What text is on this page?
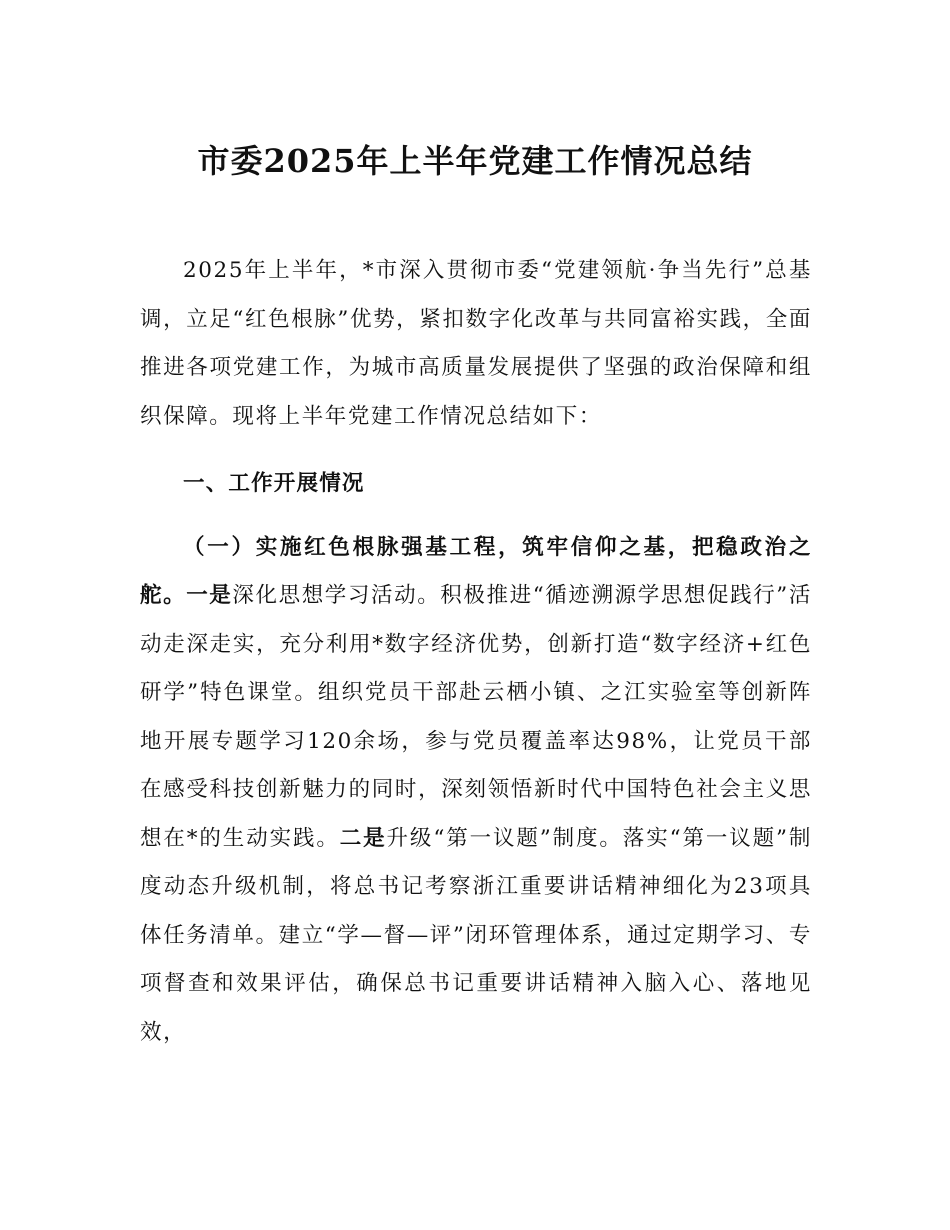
市委2025年上半年党建工作情况总结

2025年上半年，*市深入贯彻市委“党建领航·争当先行”总基调，立足“红色根脉”优势，紧扣数字化改革与共同富裕实践，全面推进各项党建工作，为城市高质量发展提供了坚强的政治保障和组织保障。现将上半年党建工作情况总结如下：

一、工作开展情况

（一）实施红色根脉强基工程，筑牢信仰之基，把稳政治之舵。一是深化思想学习活动。积极推进“循迹溯源学思想促践行”活动走深走实，充分利用*数字经济优势，创新打造“数字经济+红色研学”特色课堂。组织党员干部赴云栖小镇、之江实验室等创新阵地开展专题学习120余场，参与党员覆盖率达98%，让党员干部在感受科技创新魅力的同时，深刻领悟新时代中国特色社会主义思想在*的生动实践。二是升级“第一议题”制度。落实“第一议题”制度动态升级机制，将总书记考察浙江重要讲话精神细化为23项具体任务清单。建立“学—督—评”闭环管理体系，通过定期学习、专项督查和效果评估，确保总书记重要讲话精神入脑入心、落地见效，
